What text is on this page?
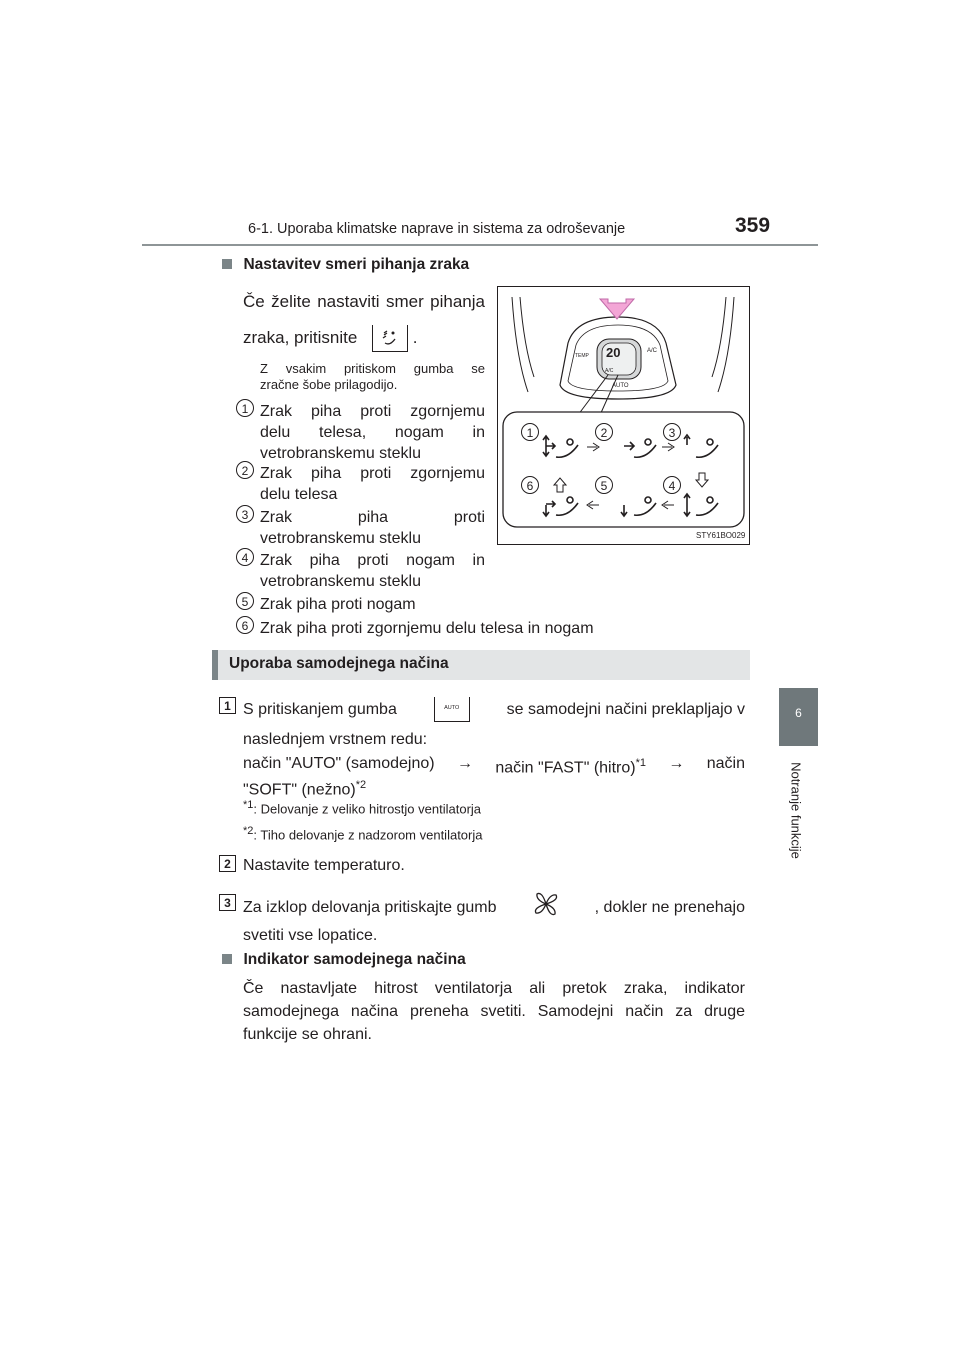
6-1. Uporaba klimatske naprave in sistema za odroševanje	359
6
Notranje funkcije
Nastavitev smeri pihanja zraka
Če želite nastaviti smer pihanja
zraka, pritisnite	.
Z vsakim pritiskom gumba se
zračne šobe prilagodijo.
1 Zrak piha proti zgornjemu
delu telesa, nogam in
vetrobranskemu steklu
2 Zrak piha proti zgornjemu
delu telesa
3 Zrak piha proti
vetrobranskemu steklu
4 Zrak piha proti nogam in
vetrobranskemu steklu
5 Zrak piha proti nogam
6 Zrak piha proti zgornjemu delu telesa in nogam
20	A/C
TEMP
AUTO
A/C
1	2	3
6	5	4
STY61BO029
Uporaba samodejnega načina
1 S pritiskanjem gumba	AUTO	se samodejni načini preklapljajo v
naslednjem vrstnem redu:
način "AUTO" (samodejno) → način "FAST" (hitro)$^{*1}$ → način
"SOFT" (nežno)$^{*2}$
$^{*1}$: Delovanje z veliko hitrostjo ventilatorja
$^{*2}$: Tiho delovanje z nadzorom ventilatorja
2 Nastavite temperaturo.
3 Za izklop delovanja pritiskajte gumb	, dokler ne prenehajo
svetiti vse lopatice.
Indikator samodejnega načina
Če nastavljate hitrost ventilatorja ali pretok zraka, indikator
samodejnega načina preneha svetiti. Samodejni način za druge
funkcije se ohrani.
